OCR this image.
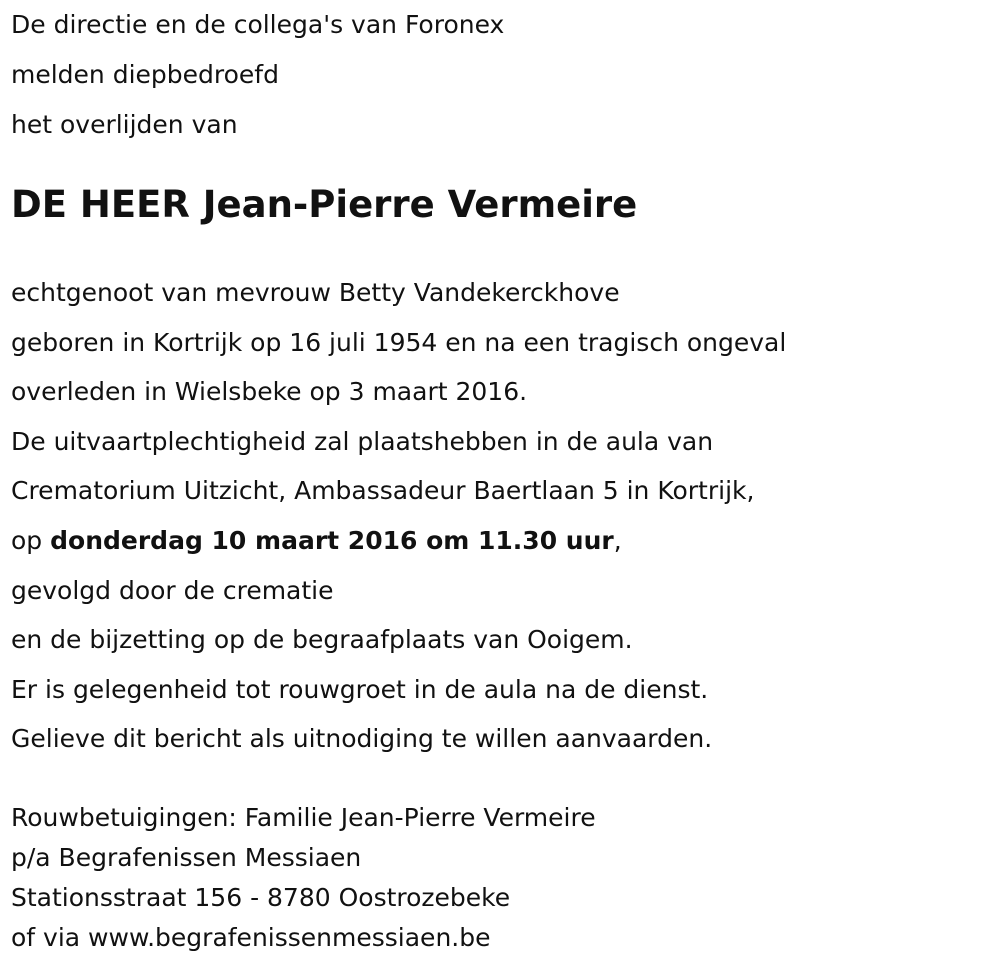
De directie en de collega's van Foronex

melden diepbedroefd

het overlijden van

DE HEER Jean-Pierre Vermeire

echtgenoot van mevrouw Betty Vandekerckhove

geboren in Kortrijk op 16 juli 1954 en na een tragisch ongeval

overleden in Wielsbeke op 3 maart 2016.

De uitvaartplechtigheid zal plaatshebben in de aula van

Crematorium Uitzicht, Ambassadeur Baertlaan 5 in Kortrijk,

op donderdag 10 maart 2016 om 11.30 uur,

gevolgd door de crematie

en de bijzetting op de begraafplaats van Ooigem.

Er is gelegenheid tot rouwgroet in de aula na de dienst.

Gelieve dit bericht als uitnodiging te willen aanvaarden.

Rouwbetuigingen: Familie Jean-Pierre Vermeire

p/a Begrafenissen Messiaen

Stationsstraat 156 - 8780 Oostrozebeke

of via www.begrafenissenmessiaen.be
